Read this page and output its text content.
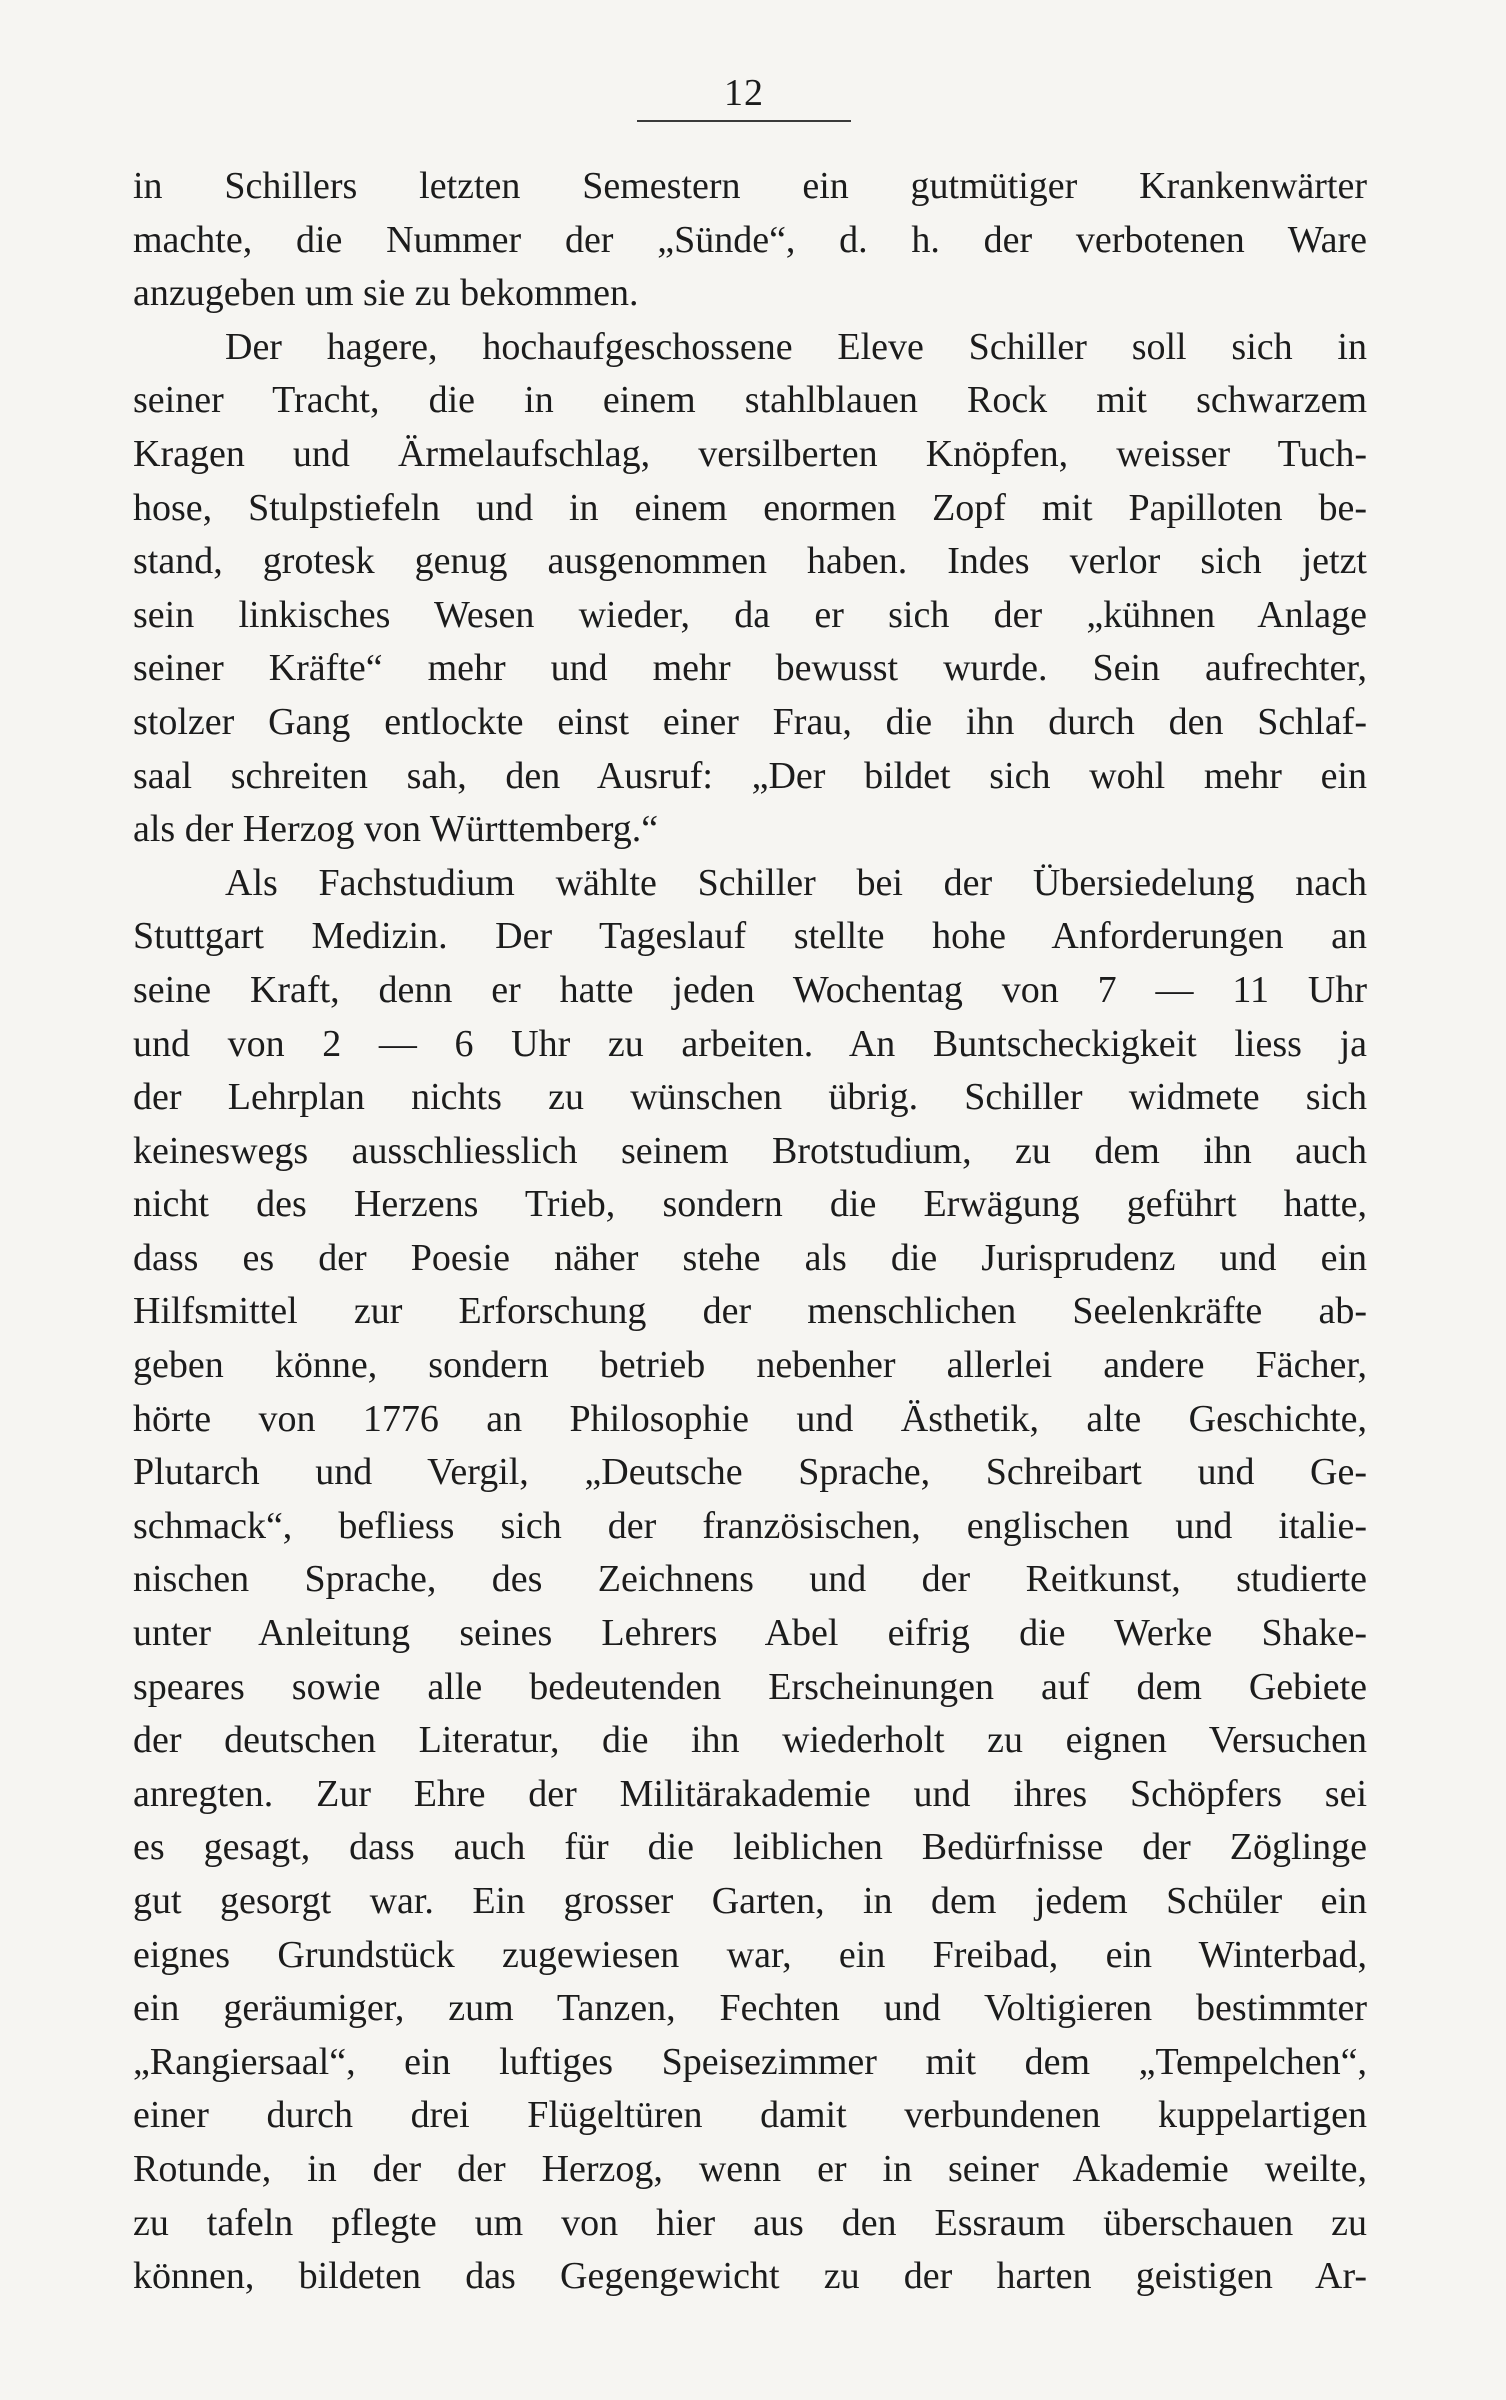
12
in Schillers letzten Semestern ein gutmütiger Krankenwärter
machte, die Nummer der „Sünde“, d. h. der verbotenen Ware
anzugeben um sie zu bekommen.
Der hagere, hochaufgeschossene Eleve Schiller soll sich in
seiner Tracht, die in einem stahlblauen Rock mit schwarzem
Kragen und Ärmelaufschlag, versilberten Knöpfen, weisser Tuch-
hose, Stulpstiefeln und in einem enormen Zopf mit Papilloten be-
stand, grotesk genug ausgenommen haben. Indes verlor sich jetzt
sein linkisches Wesen wieder, da er sich der „kühnen Anlage
seiner Kräfte“ mehr und mehr bewusst wurde. Sein aufrechter,
stolzer Gang entlockte einst einer Frau, die ihn durch den Schlaf-
saal schreiten sah, den Ausruf: „Der bildet sich wohl mehr ein
als der Herzog von Württemberg.“
Als Fachstudium wählte Schiller bei der Übersiedelung nach
Stuttgart Medizin. Der Tageslauf stellte hohe Anforderungen an
seine Kraft, denn er hatte jeden Wochentag von 7 — 11 Uhr
und von 2 — 6 Uhr zu arbeiten. An Buntscheckigkeit liess ja
der Lehrplan nichts zu wünschen übrig. Schiller widmete sich
keineswegs ausschliesslich seinem Brotstudium, zu dem ihn auch
nicht des Herzens Trieb, sondern die Erwägung geführt hatte,
dass es der Poesie näher stehe als die Jurisprudenz und ein
Hilfsmittel zur Erforschung der menschlichen Seelenkräfte ab-
geben könne, sondern betrieb nebenher allerlei andere Fächer,
hörte von 1776 an Philosophie und Ästhetik, alte Geschichte,
Plutarch und Vergil, „Deutsche Sprache, Schreibart und Ge-
schmack“, befliess sich der französischen, englischen und italie-
nischen Sprache, des Zeichnens und der Reitkunst, studierte
unter Anleitung seines Lehrers Abel eifrig die Werke Shake-
speares sowie alle bedeutenden Erscheinungen auf dem Gebiete
der deutschen Literatur, die ihn wiederholt zu eignen Versuchen
anregten. Zur Ehre der Militärakademie und ihres Schöpfers sei
es gesagt, dass auch für die leiblichen Bedürfnisse der Zöglinge
gut gesorgt war. Ein grosser Garten, in dem jedem Schüler ein
eignes Grundstück zugewiesen war, ein Freibad, ein Winterbad,
ein geräumiger, zum Tanzen, Fechten und Voltigieren bestimmter
„Rangiersaal“, ein luftiges Speisezimmer mit dem „Tempelchen“,
einer durch drei Flügeltüren damit verbundenen kuppelartigen
Rotunde, in der der Herzog, wenn er in seiner Akademie weilte,
zu tafeln pflegte um von hier aus den Essraum überschauen zu
können, bildeten das Gegengewicht zu der harten geistigen Ar-
